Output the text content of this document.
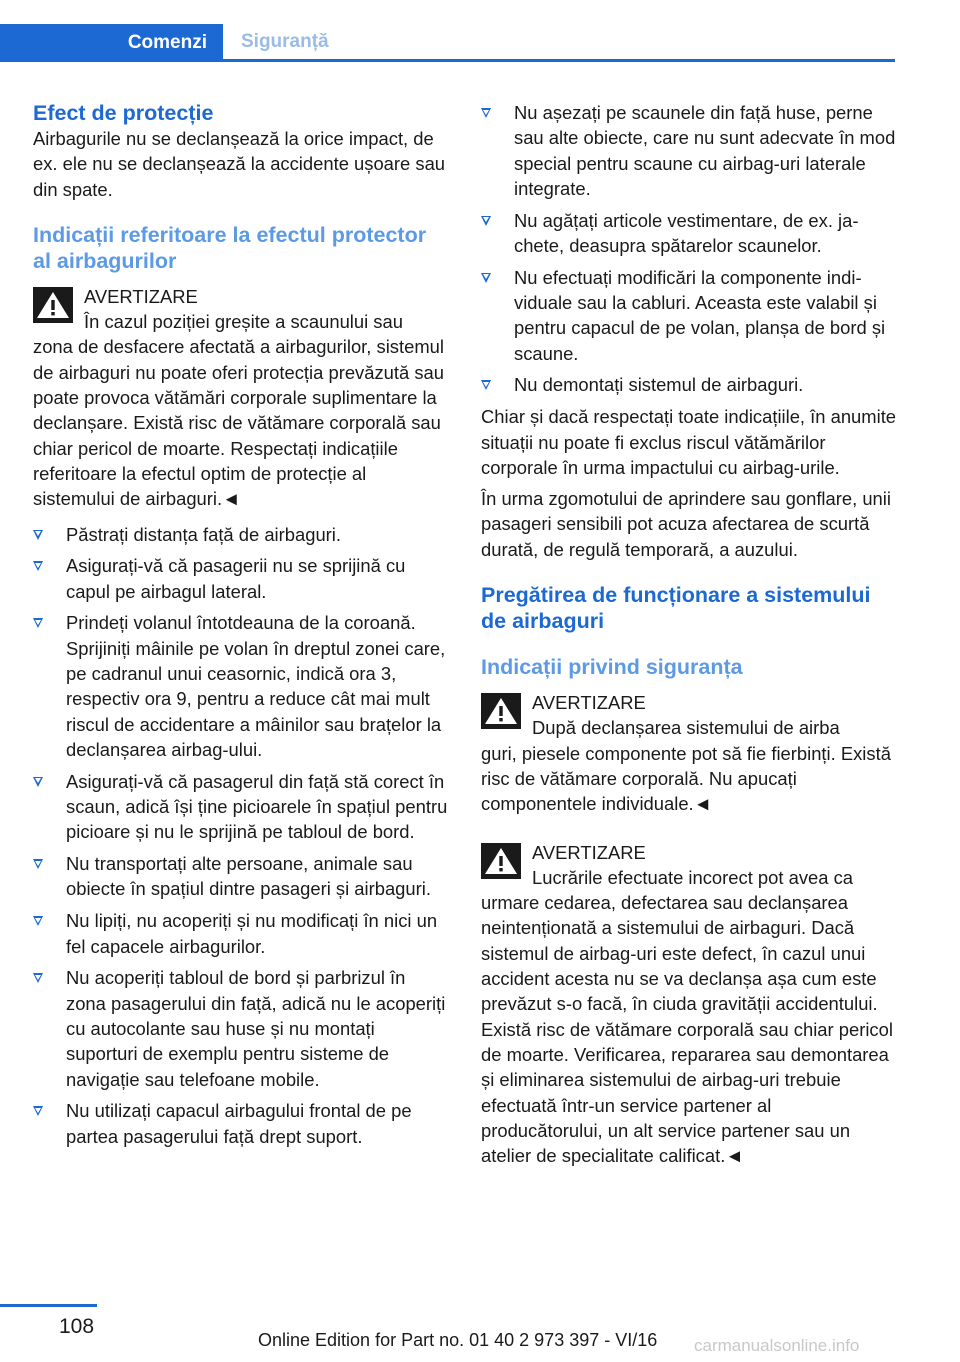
Comenzi	Siguranță
Efect de protecție

Airbagurile nu se declanșează la orice impact, de ex. ele nu se declanșează la accidente ușoare sau din spate.

Indicații referitoare la efectul protector al airbagurilor

AVERTIZARE

În cazul poziției greșite a scaunului sau

zona de desfacere afectată a airbagurilor, sistemul de airbaguri nu poate oferi protecția prevăzută sau poate provoca vătămări corporale suplimentare la declanșare. Există risc de vătămare corporală sau chiar pericol de moarte. Respectați indicațiile referitoare la efectul optim de protecție al sistemului de airbaguri.◄

Păstrați distanța față de airbaguri.
Asigurați-vă că pasagerii nu se sprijină cu capul pe airbagul lateral.
Prindeți volanul întotdeauna de la coroană. Sprijiniți mâinile pe volan în dreptul zonei care, pe cadranul unui ceasornic, indică ora 3, respectiv ora 9, pentru a reduce cât mai mult riscul de accidentare a mâinilor sau brațelor la declanșarea airbag-ului.
Asigurați-vă că pasagerul din față stă corect în scaun, adică își ține picioarele în spațiul pentru picioare și nu le sprijină pe tabloul de bord.
Nu transportați alte persoane, animale sau obiecte în spațiul dintre pasageri și airbaguri.
Nu lipiți, nu acoperiți și nu modificați în nici un fel capacele airbagurilor.
Nu acoperiți tabloul de bord și parbrizul în zona pasagerului din față, adică nu le acoperiți cu autocolante sau huse și nu montați suporturi de exemplu pentru sisteme de navigație sau telefoane mobile.
Nu utilizați capacul airbagului frontal de pe partea pasagerului față drept suport.
Nu așezați pe scaunele din față huse, perne sau alte obiecte, care nu sunt adecvate în mod special pentru scaune cu airbag-uri laterale integrate.
Nu agățați articole vestimentare, de ex. jachete, deasupra spătarelor scaunelor.
Nu efectuați modificări la componente individuale sau la cabluri. Aceasta este valabil și pentru capacul de pe volan, planșa de bord și scaune.
Nu demontați sistemul de airbaguri.

Chiar și dacă respectați toate indicațiile, în anumite situații nu poate fi exclus riscul vătămărilor corporale în urma impactului cu airbag-urile.

În urma zgomotului de aprindere sau gonflare, unii pasageri sensibili pot acuza afectarea de scurtă durată, de regulă temporară, a auzului.

Pregătirea de funcționare a sistemului de airbaguri
Indicații privind siguranța

AVERTIZARE

După declanșarea sistemului de airba

guri, piesele componente pot să fie fierbinți. Există risc de vătămare corporală. Nu apucați componentele individuale.◄

AVERTIZARE

Lucrările efectuate incorect pot avea ca

urmare cedarea, defectarea sau declanșarea neintenționată a sistemului de airbaguri. Dacă sistemul de airbag-uri este defect, în cazul unui accident acesta nu se va declanșa așa cum este prevăzut s-o facă, în ciuda gravității accidentului. Există risc de vătămare corporală sau chiar pericol de moarte. Verificarea, repararea sau demontarea și eliminarea sistemului de airbag-uri trebuie efectuată într-un service partener al producătorului, un alt service partener sau un atelier de specialitate calificat.◄

108
Online Edition for Part no. 01 40 2 973 397 - VI/16 carmanualsonline.info
